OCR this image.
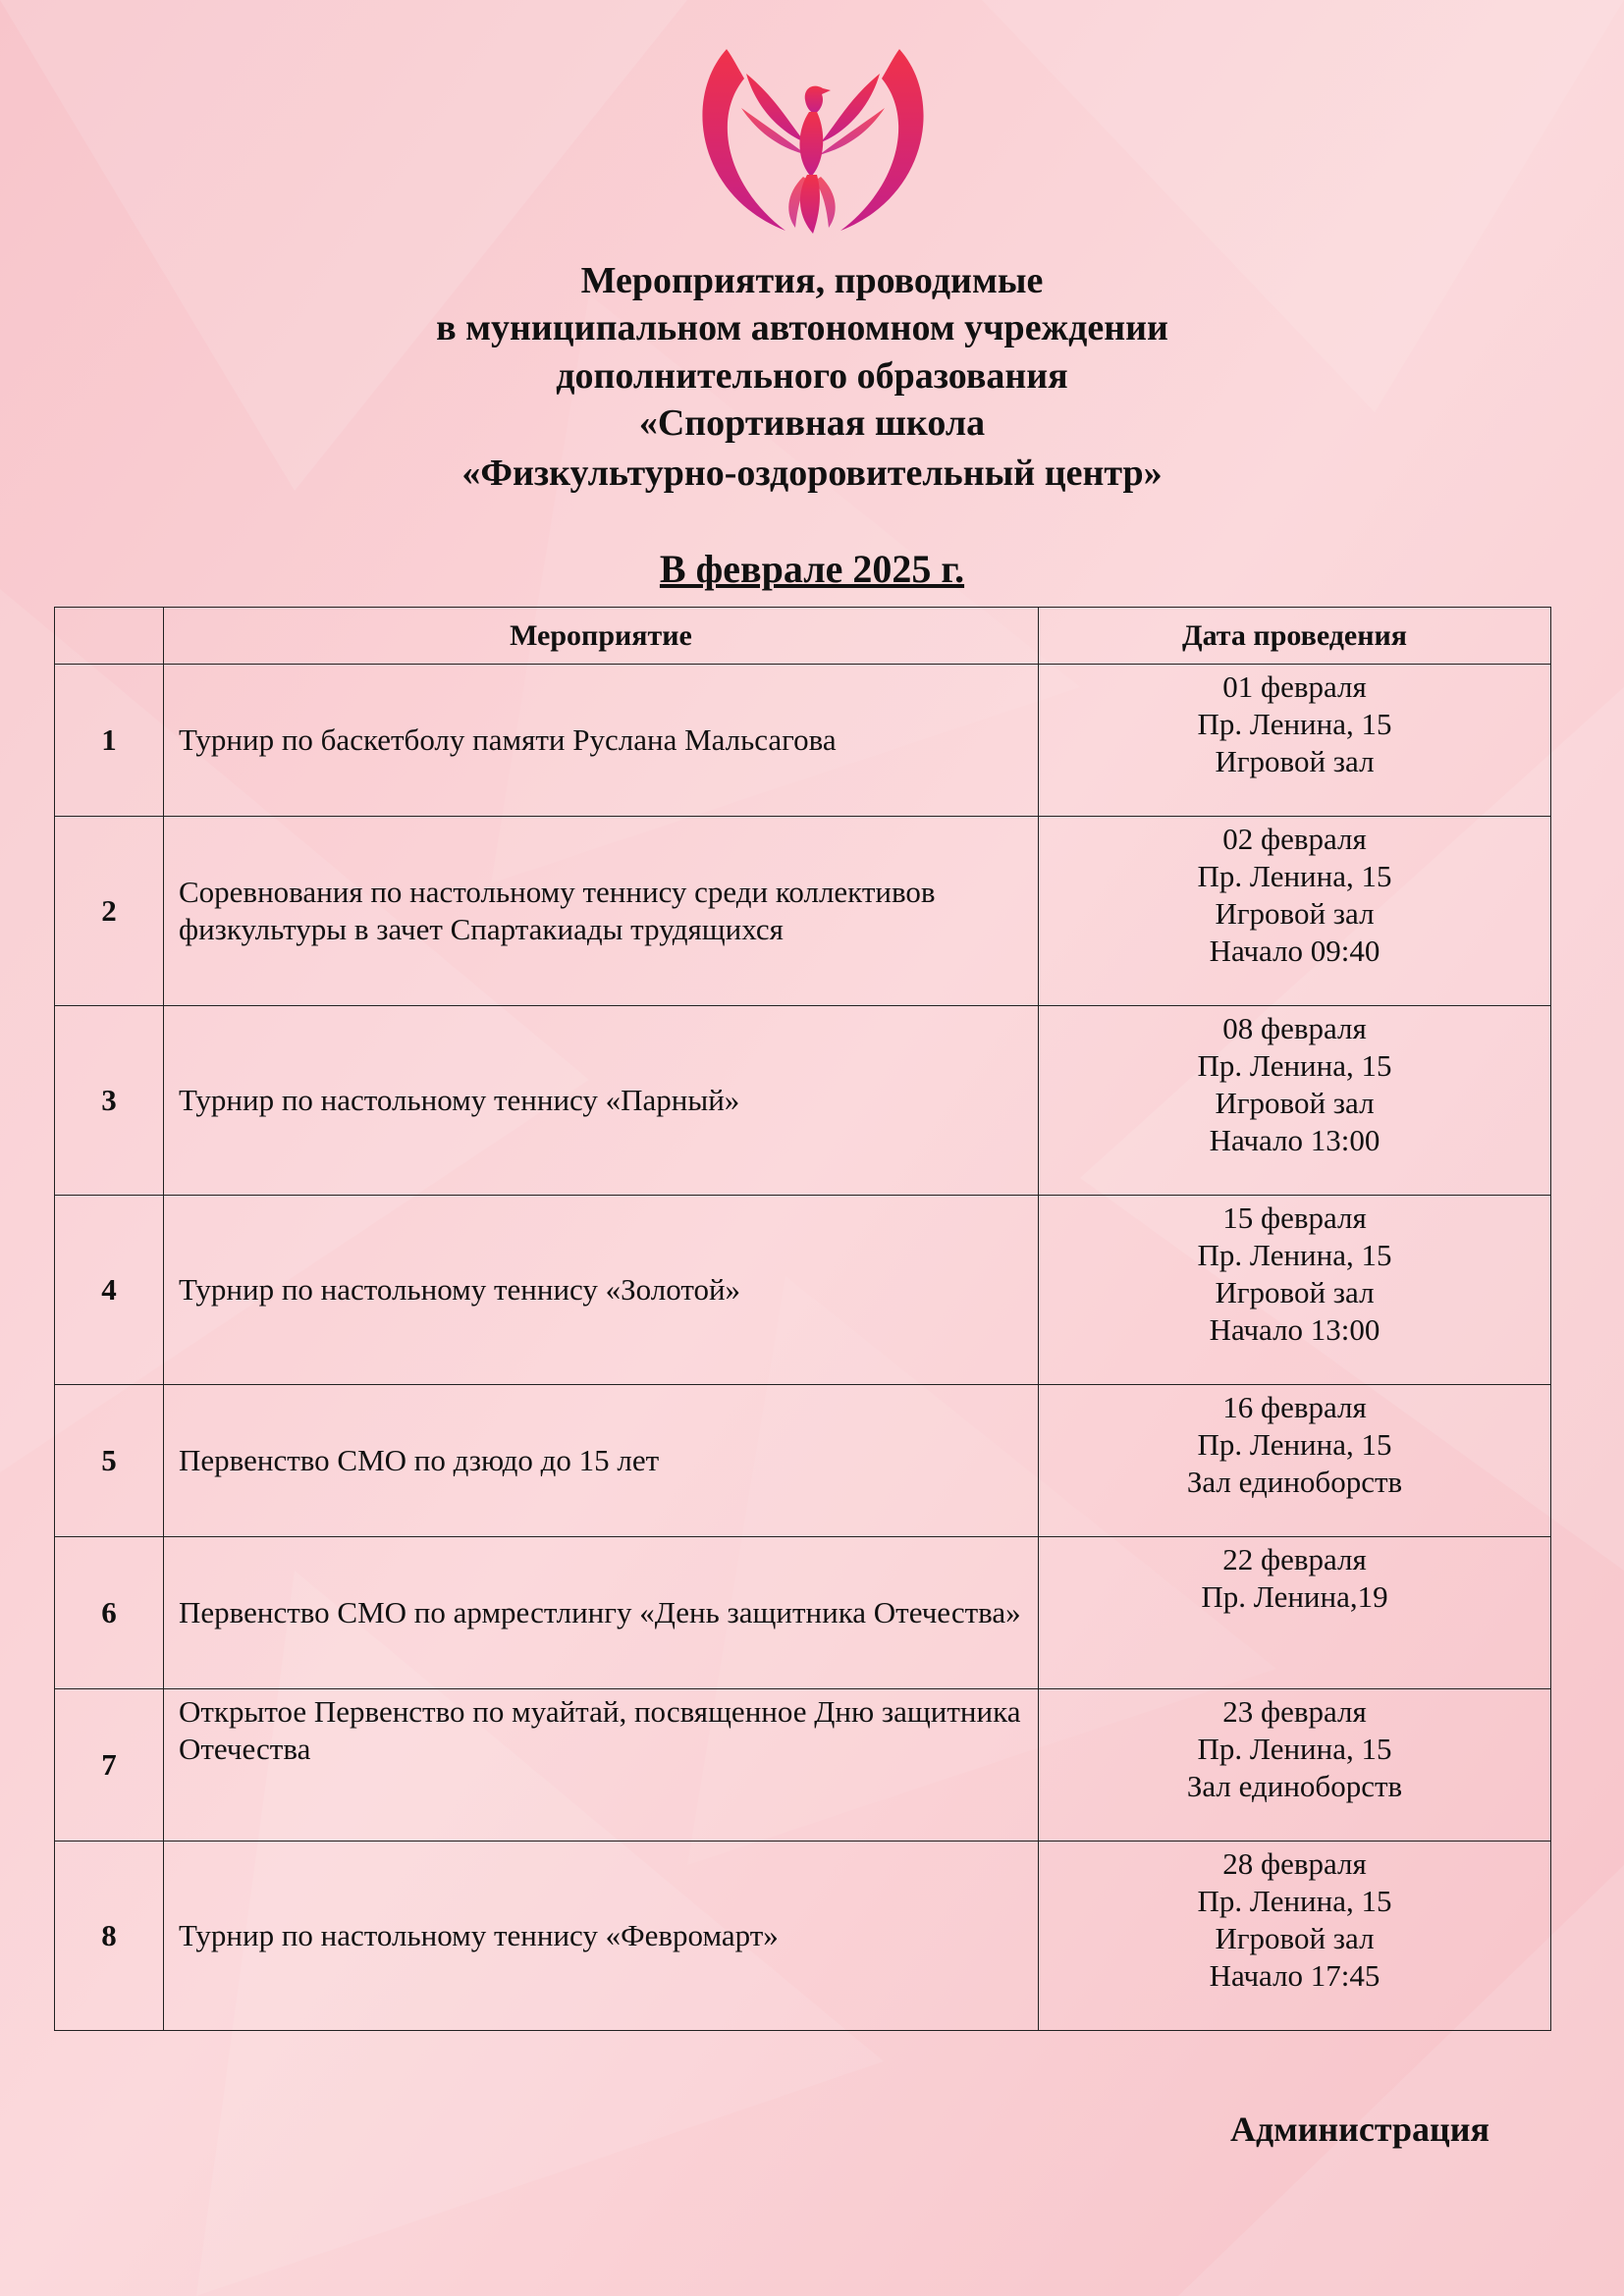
Мероприятия, проводимые
в муниципальном автономном учреждении
дополнительного образования
«Спортивная школа
«Физкультурно-оздоровительный центр»
В феврале 2025 г.
	Мероприятие	Дата проведения
1	Турнир по баскетболу памяти Руслана Мальсагова	01 февраля
Пр. Ленина, 15
Игровой зал

2	Соревнования по настольному теннису среди коллективов физкультуры в зачет Спартакиады трудящихся	02 февраля
Пр. Ленина, 15
Игровой зал
Начало 09:40

3	Турнир по настольному теннису «Парный»	08 февраля
Пр. Ленина, 15
Игровой зал
Начало 13:00

4	Турнир по настольному теннису «Золотой»	15 февраля
Пр. Ленина, 15
Игровой зал
Начало 13:00

5	Первенство СМО по дзюдо до 15 лет	16 февраля
Пр. Ленина, 15
Зал единоборств

6	Первенство СМО по армрестлингу «День защитника Отечества»	22 февраля
Пр. Ленина,19

7	Открытое Первенство по муайтай, посвященное Дню защитника Отечества	23 февраля
Пр. Ленина, 15
Зал единоборств

8	Турнир по настольному теннису «Февромарт»	28 февраля
Пр. Ленина, 15
Игровой зал
Начало 17:45
Администрация
